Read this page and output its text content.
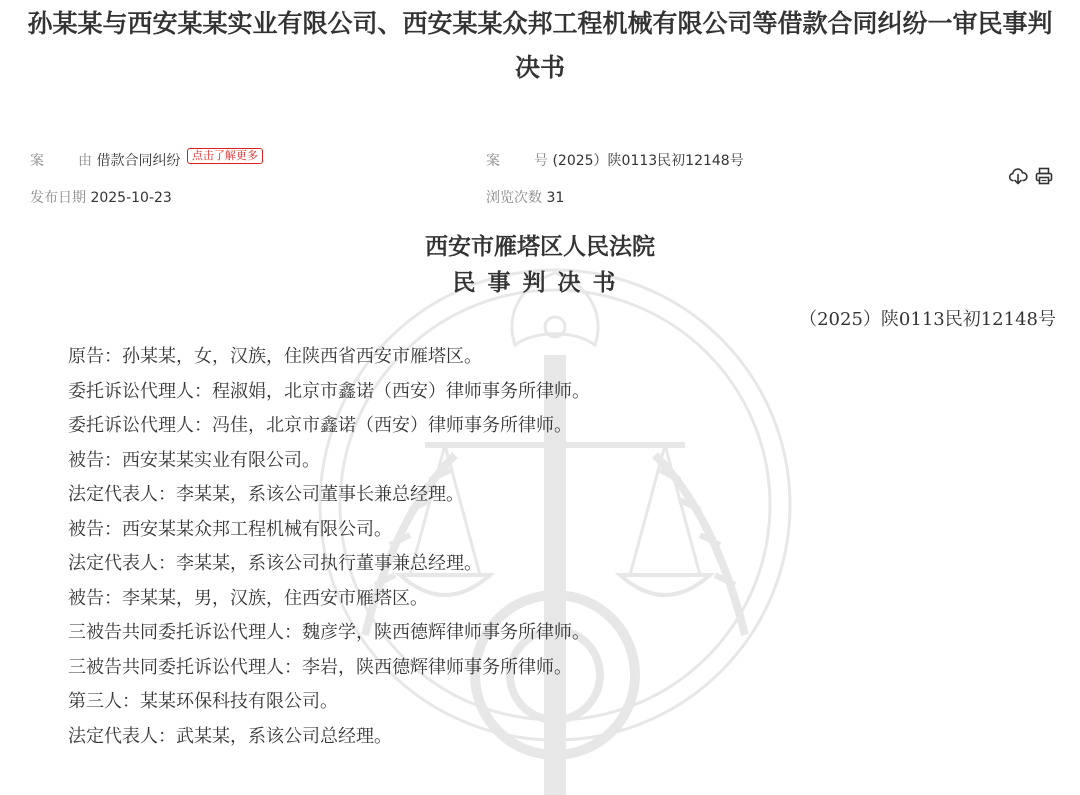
孙某某与西安某某实业有限公司、西安某某众邦工程机械有限公司等借款合同纠纷一审民事判决书
案 由 借款合同纠纷 点击了解更多	案 号 (2025）陕0113民初12148号
发布日期 2025-10-23	浏览次数 31
西安市雁塔区人民法院
民事判决书
（2025）陕0113民初12148号
原告：孙某某，女，汉族，住陕西省西安市雁塔区。
委托诉讼代理人：程淑娟，北京市鑫诺（西安）律师事务所律师。
委托诉讼代理人：冯佳，北京市鑫诺（西安）律师事务所律师。
被告：西安某某实业有限公司。
法定代表人：李某某，系该公司董事长兼总经理。
被告：西安某某众邦工程机械有限公司。
法定代表人：李某某，系该公司执行董事兼总经理。
被告：李某某，男，汉族，住西安市雁塔区。
三被告共同委托诉讼代理人：魏彦学，陕西德辉律师事务所律师。
三被告共同委托诉讼代理人：李岩，陕西德辉律师事务所律师。
第三人：某某环保科技有限公司。
法定代表人：武某某，系该公司总经理。
